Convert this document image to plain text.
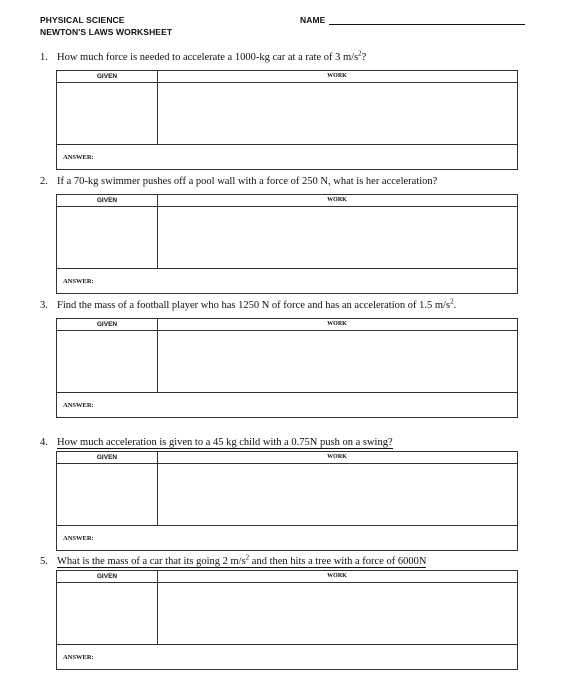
PHYSICAL SCIENCE
NEWTON'S LAWS WORKSHEET
NAME
1. How much force is needed to accelerate a 1000-kg car at a rate of 3 $m/s^2$?
GIVEN	WORK
ANSWER:
2. If a 70-kg swimmer pushes off a pool wall with a force of 250 N, what is her acceleration?
GIVEN	WORK
ANSWER:
3. Find the mass of a football player who has 1250 N of force and has an acceleration of 1.5 $m/s^2$.
GIVEN	WORK
ANSWER:
4. How much acceleration is given to a 45 kg child with a 0.75N push on a swing?
GIVEN	WORK
ANSWER:
5. What is the mass of a car that its going 2 $m/s^2$ and then hits a tree with a force of 6000N
GIVEN	WORK
ANSWER:
